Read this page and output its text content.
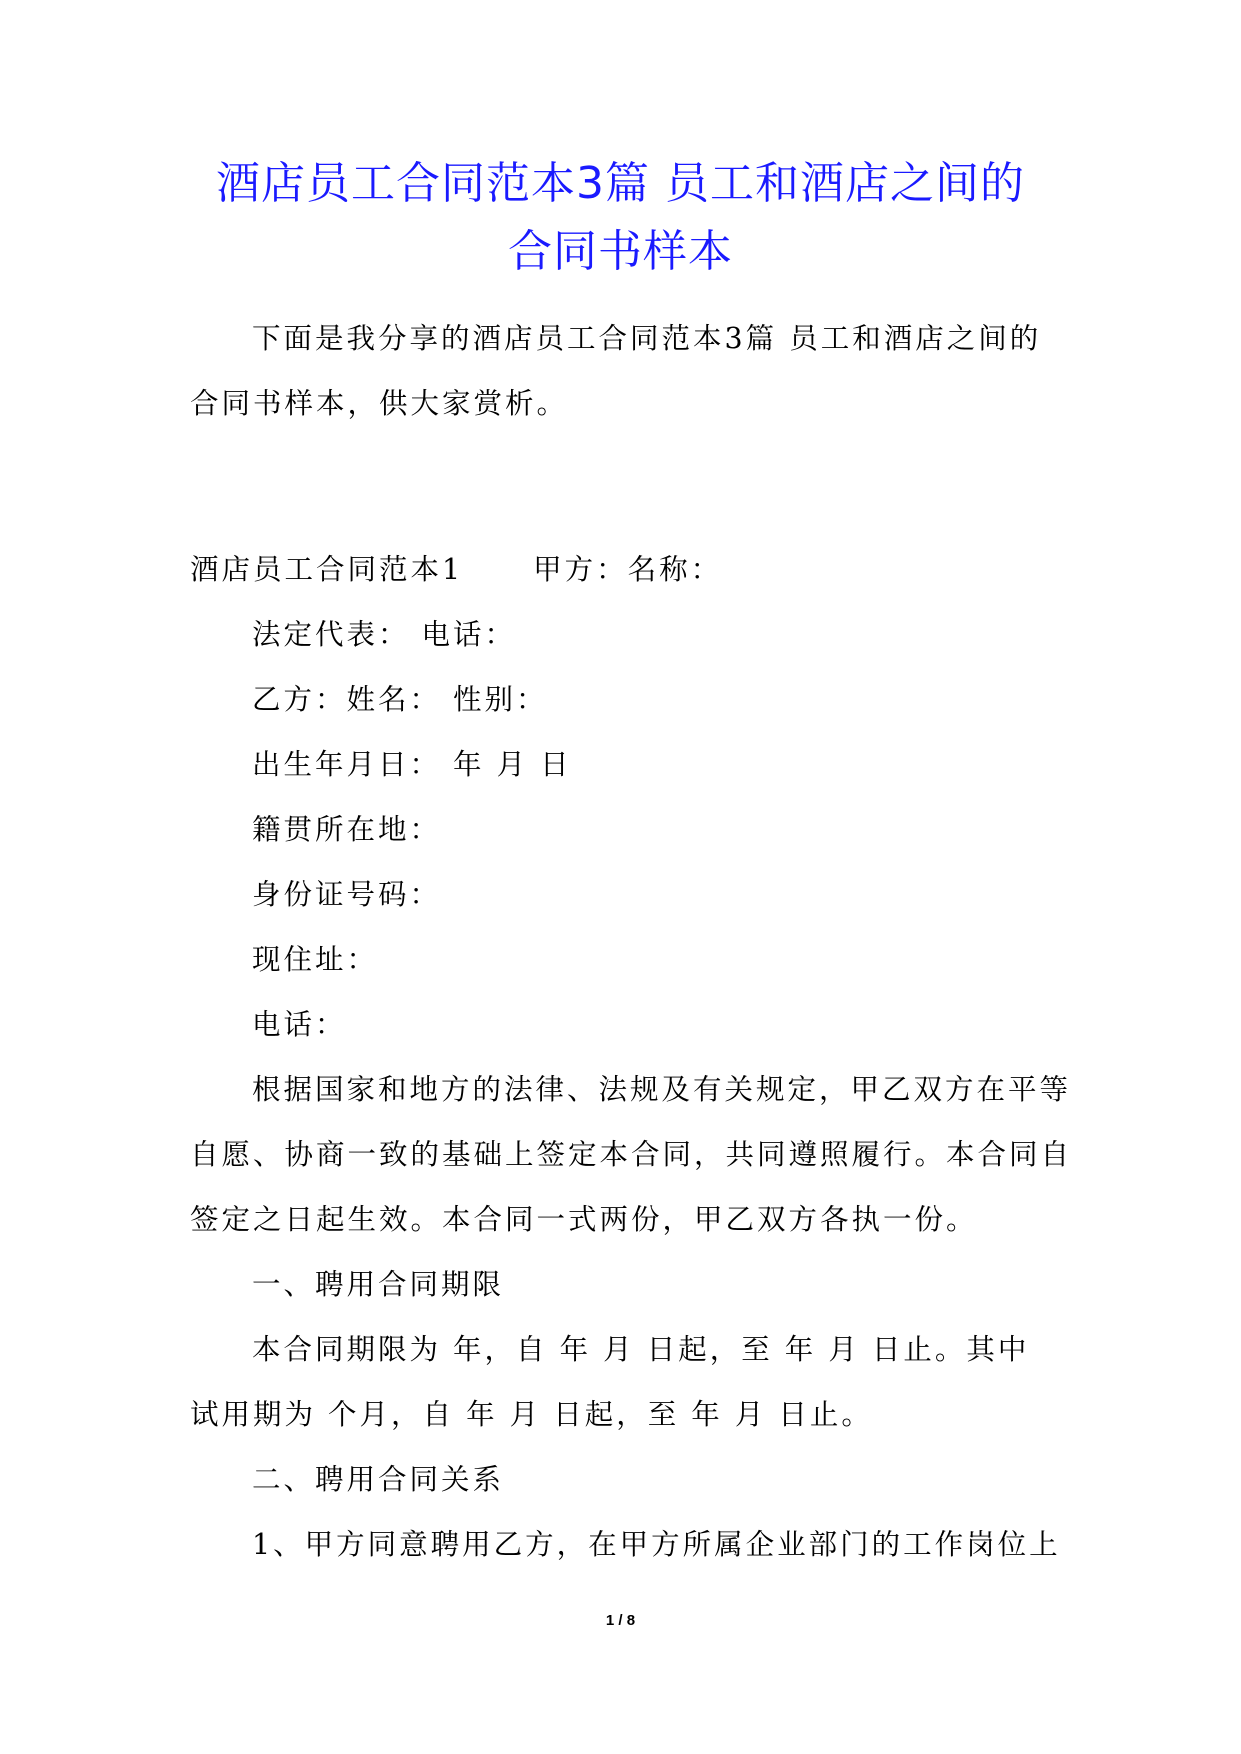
酒店员工合同范本3篇 员工和酒店之间的
合同书样本

下面是我分享的酒店员工合同范本3篇 员工和酒店之间的

合同书样本，供大家赏析。

酒店员工合同范本1 甲方：名称：

法定代表： 电话：

乙方：姓名： 性别：

出生年月日： 年 月 日

籍贯所在地：

身份证号码：

现住址：

电话：

根据国家和地方的法律、法规及有关规定，甲乙双方在平等

自愿、协商一致的基础上签定本合同，共同遵照履行。本合同自

签定之日起生效。本合同一式两份，甲乙双方各执一份。

一、聘用合同期限

本合同期限为 年，自 年 月 日起，至 年 月 日止。其中

试用期为 个月，自 年 月 日起，至 年 月 日止。

二、聘用合同关系

1、甲方同意聘用乙方，在甲方所属企业部门的工作岗位上

1 / 8
